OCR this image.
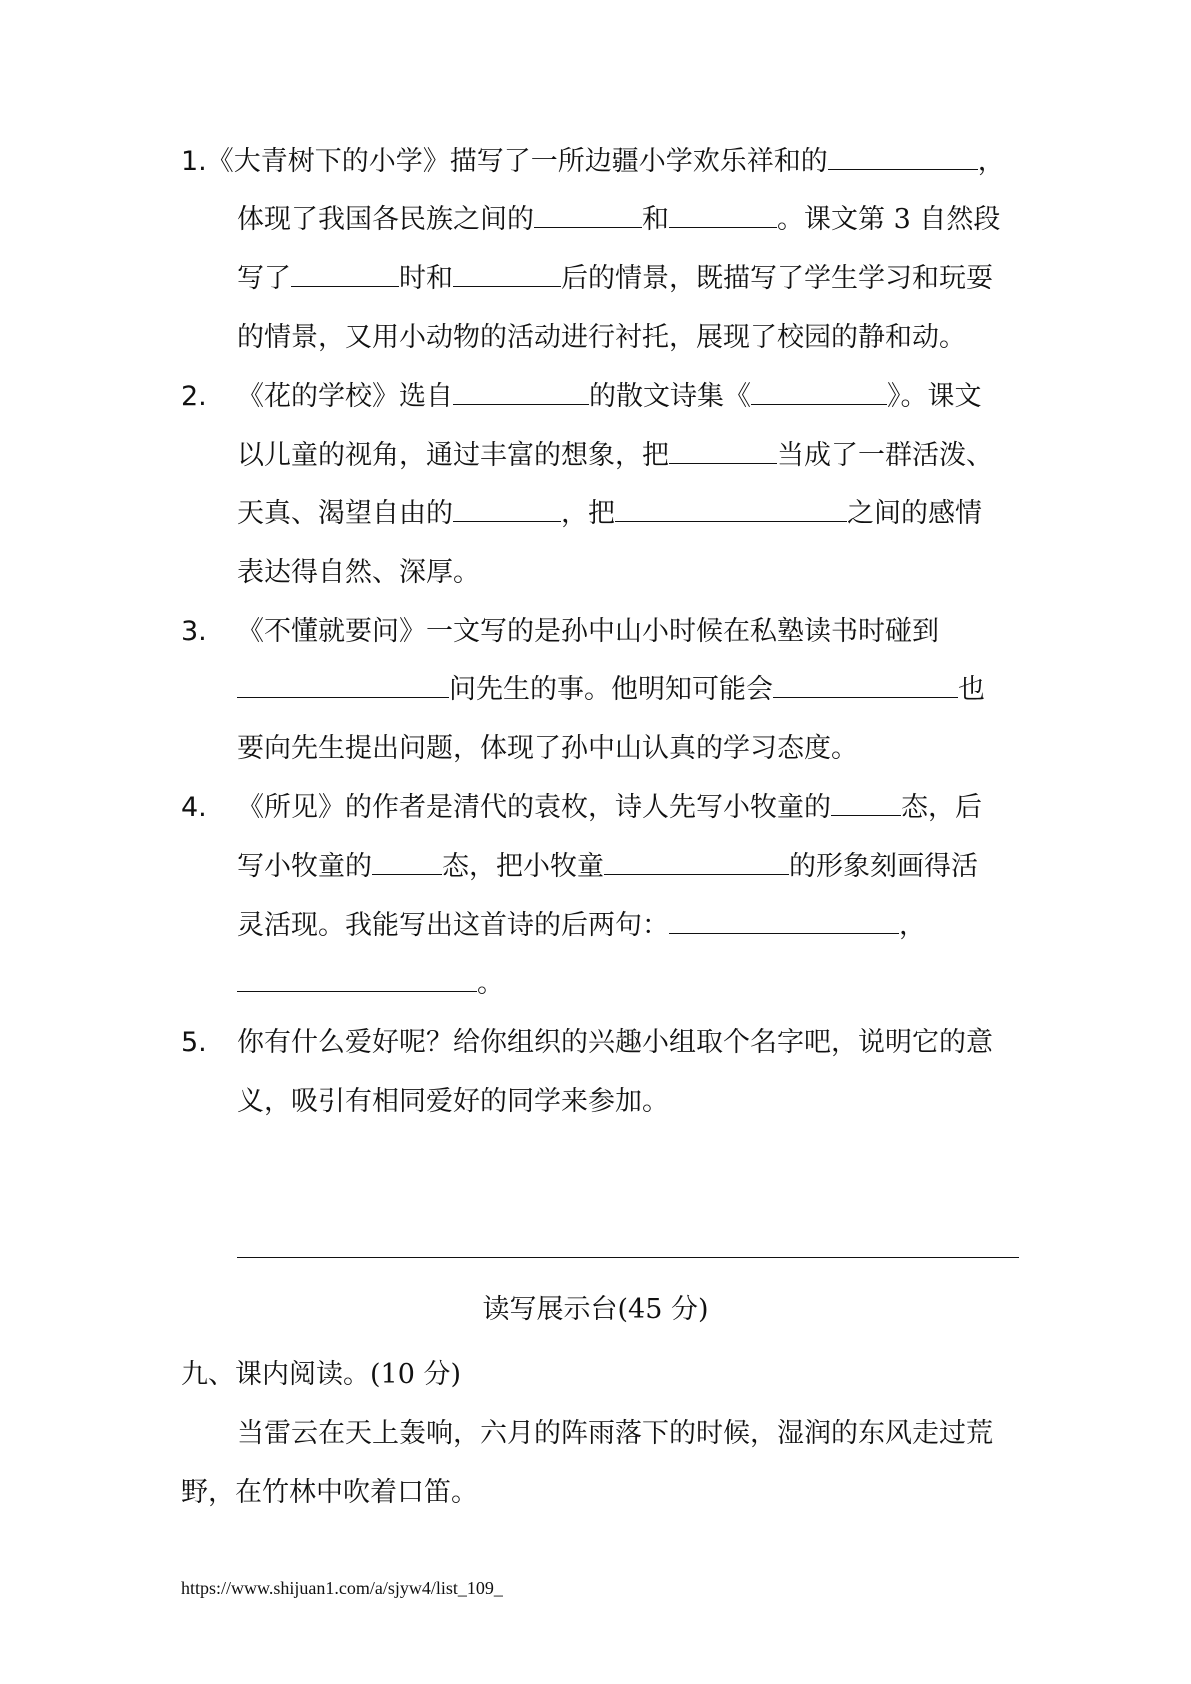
1.《大青树下的小学》描写了一所边疆小学欢乐祥和的	，
体现了我国各民族之间的	和	。课文第 3 自然段
写了	时和	后的情景，既描写了学生学习和玩耍
的情景，又用小动物的活动进行衬托，展现了校园的静和动。
2. 《花的学校》选自	的散文诗集《	》。课文
以儿童的视角，通过丰富的想象，把	当成了一群活泼、
天真、渴望自由的	，把	之间的感情
表达得自然、深厚。
3. 《不懂就要问》一文写的是孙中山小时候在私塾读书时碰到
问先生的事。他明知可能会	也
要向先生提出问题，体现了孙中山认真的学习态度。
4. 《所见》的作者是清代的袁枚，诗人先写小牧童的	态，后
写小牧童的	态，把小牧童	的形象刻画得活
灵活现。我能写出这首诗的后两句：	，
。
5. 你有什么爱好呢？给你组织的兴趣小组取个名字吧，说明它的意
义，吸引有相同爱好的同学来参加。
读写展示台(45 分)
九、课内阅读。(10 分)
当雷云在天上轰响，六月的阵雨落下的时候，湿润的东风走过荒
野，在竹林中吹着口笛。
https://www.shijuan1.com/a/sjyw4/list_109_
